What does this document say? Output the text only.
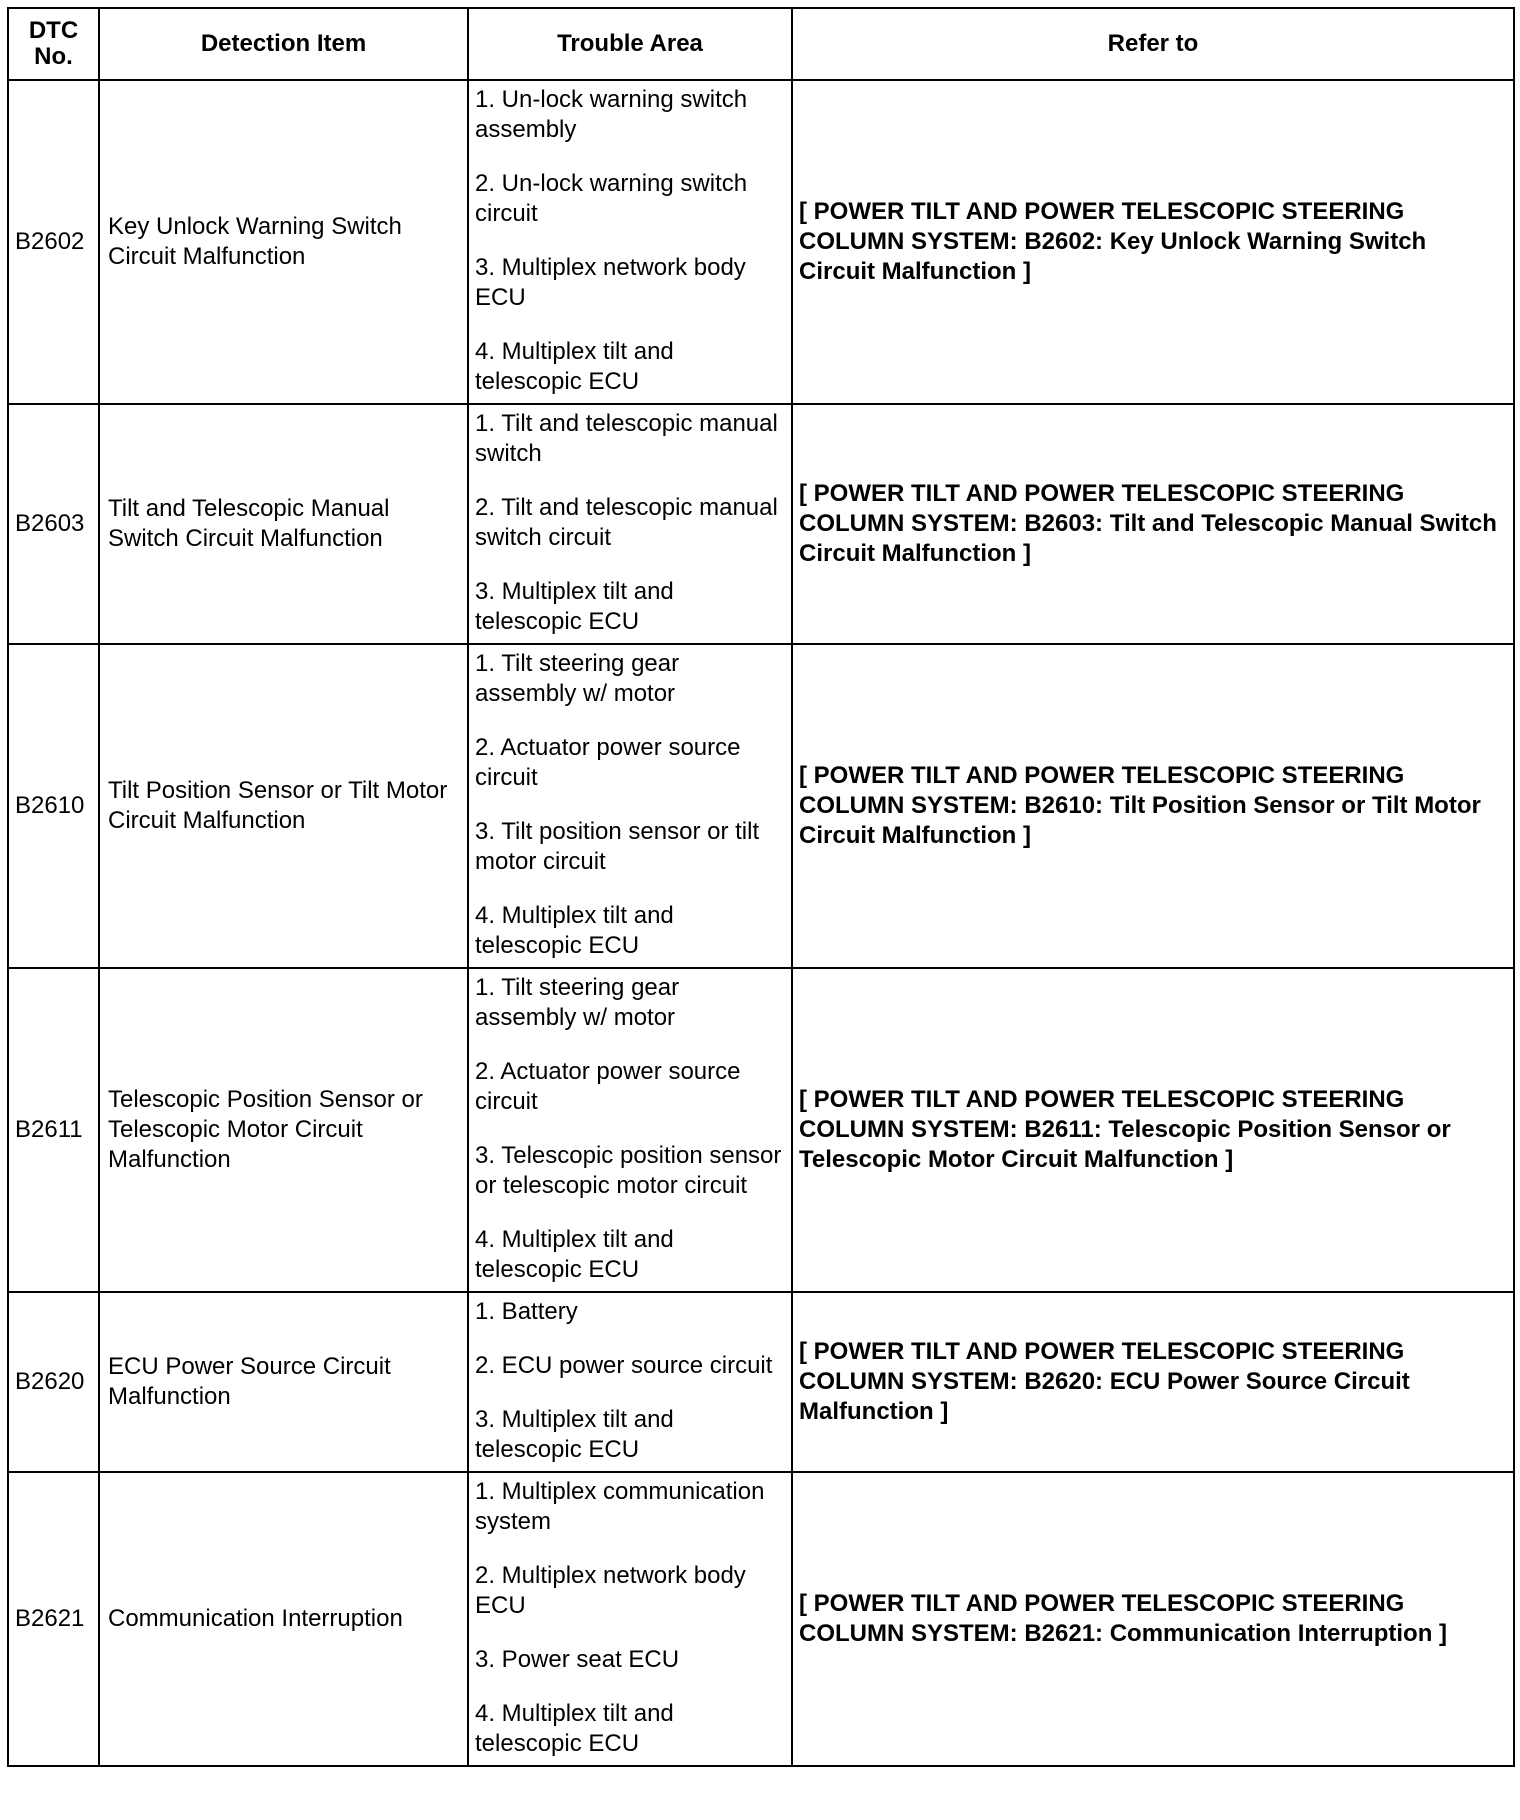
DTC
No.	Detection Item	Trouble Area	Refer to
B2602	Key Unlock Warning Switch Circuit Malfunction	1. Un-lock warning switch assembly
2. Un-lock warning switch circuit
3. Multiplex network body ECU
4. Multiplex tilt and telescopic ECU	[ POWER TILT AND POWER TELESCOPIC STEERING COLUMN SYSTEM: B2602: Key Unlock Warning Switch Circuit Malfunction ]
B2603	Tilt and Telescopic Manual Switch Circuit Malfunction	1. Tilt and telescopic manual switch
2. Tilt and telescopic manual switch circuit
3. Multiplex tilt and telescopic ECU	[ POWER TILT AND POWER TELESCOPIC STEERING COLUMN SYSTEM: B2603: Tilt and Telescopic Manual Switch Circuit Malfunction ]
B2610	Tilt Position Sensor or Tilt Motor Circuit Malfunction	1. Tilt steering gear assembly w/ motor
2. Actuator power source circuit
3. Tilt position sensor or tilt motor circuit
4. Multiplex tilt and telescopic ECU	[ POWER TILT AND POWER TELESCOPIC STEERING COLUMN SYSTEM: B2610: Tilt Position Sensor or Tilt Motor Circuit Malfunction ]
B2611	Telescopic Position Sensor or Telescopic Motor Circuit Malfunction	1. Tilt steering gear assembly w/ motor
2. Actuator power source circuit
3. Telescopic position sensor or telescopic motor circuit
4. Multiplex tilt and telescopic ECU	[ POWER TILT AND POWER TELESCOPIC STEERING COLUMN SYSTEM: B2611: Telescopic Position Sensor or Telescopic Motor Circuit Malfunction ]
B2620	ECU Power Source Circuit Malfunction	1. Battery
2. ECU power source circuit
3. Multiplex tilt and telescopic ECU	[ POWER TILT AND POWER TELESCOPIC STEERING COLUMN SYSTEM: B2620: ECU Power Source Circuit Malfunction ]
B2621	Communication Interruption	1. Multiplex communication system
2. Multiplex network body ECU
3. Power seat ECU
4. Multiplex tilt and telescopic ECU	[ POWER TILT AND POWER TELESCOPIC STEERING COLUMN SYSTEM: B2621: Communication Interruption ]
